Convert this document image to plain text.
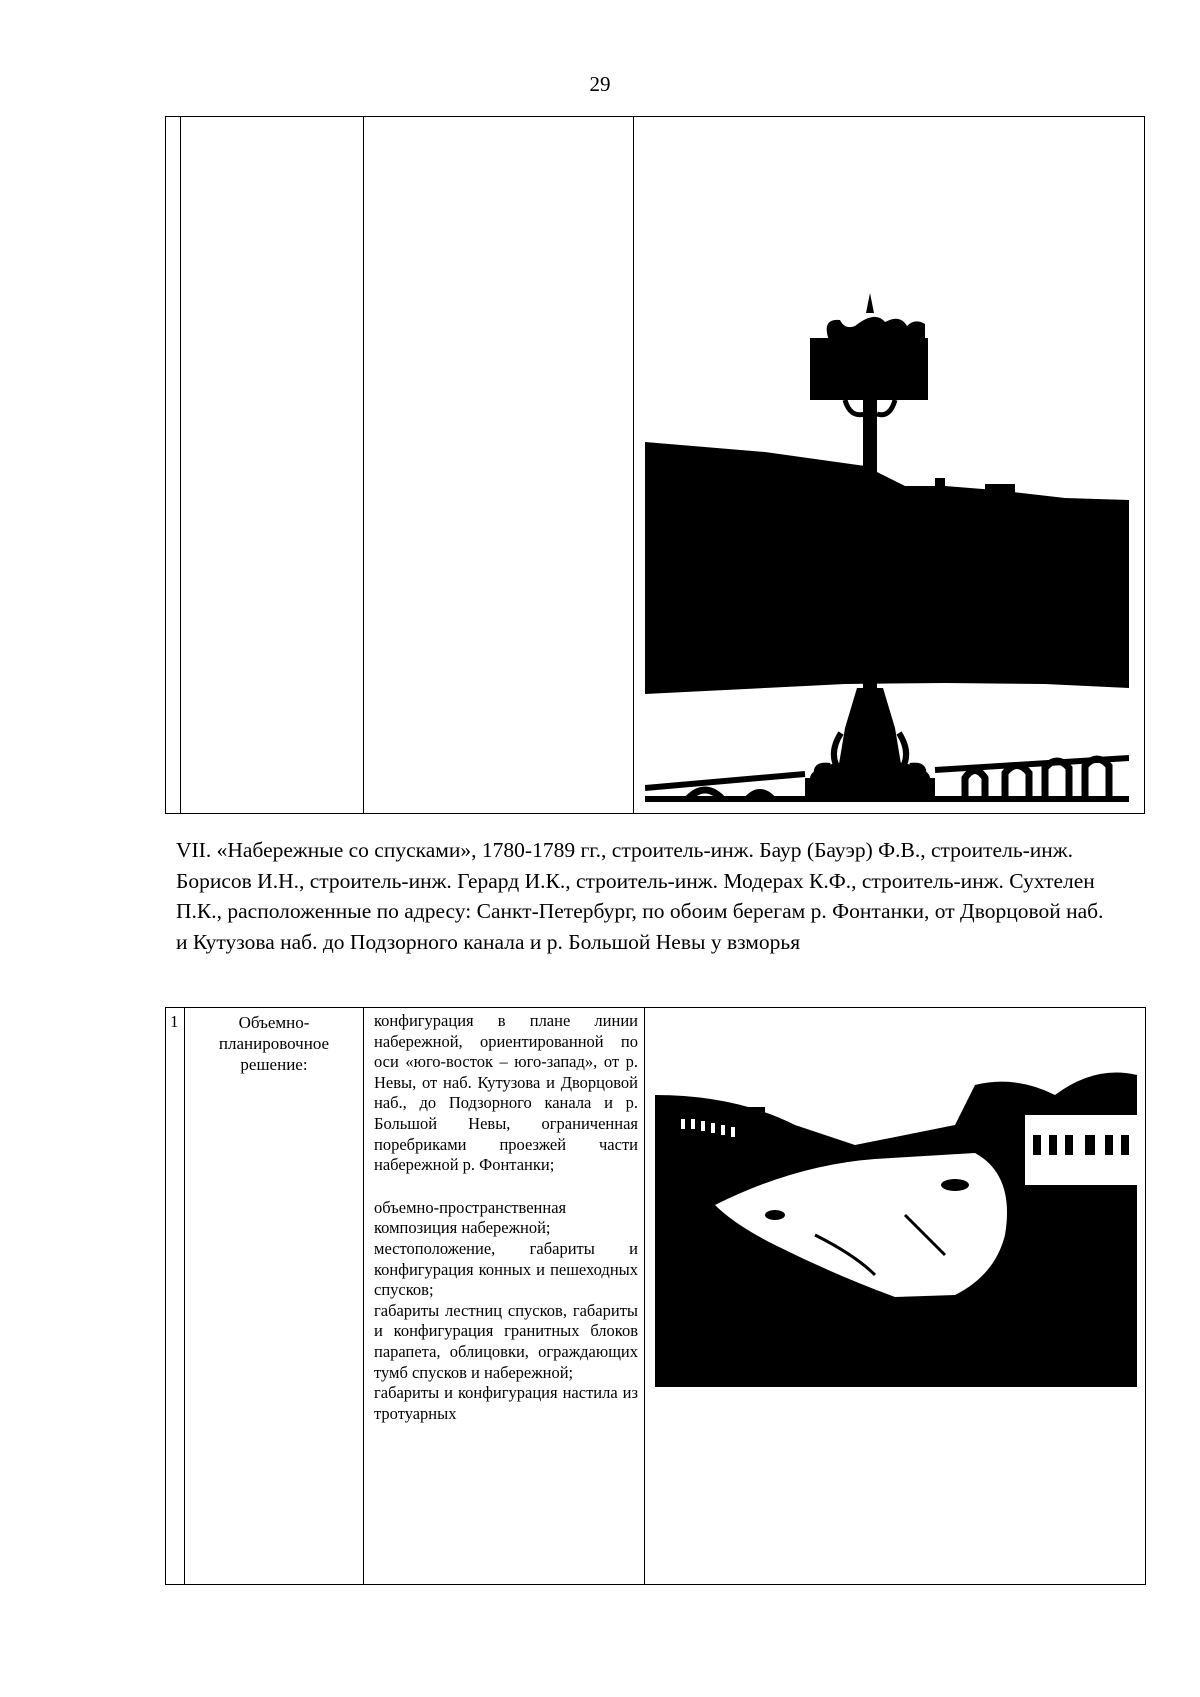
29

VII. «Набережные со спусками», 1780-1789 гг., строитель-инж. Баур (Бауэр) Ф.В., строитель-инж. Борисов И.Н., строитель-инж. Герард И.К., строитель-инж. Модерах К.Ф., строитель-инж. Сухтелен П.К., расположенные по адресу: Санкт-Петербург, по обоим берегам р. Фонтанки, от Дворцовой наб. и Кутузова наб. до Подзорного канала и р. Большой Невы у взморья
1	Объемно-планировочное решение:	

конфигурация в плане линии набережной, ориентированной по оси «юго-восток – юго-запад», от р. Невы, от наб. Кутузова и Дворцовой наб., до Подзорного канала и р. Большой Невы, ограниченная поребриками проезжей части набережной р. Фонтанки;

объемно-пространственная композиция набережной;

местоположение, габариты и конфигурация конных и пешеходных спусков;

габариты лестниц спусков, габариты и конфигурация гранитных блоков парапета, облицовки, ограждающих тумб спусков и набережной;

габариты и конфигурация настила из тротуарных
